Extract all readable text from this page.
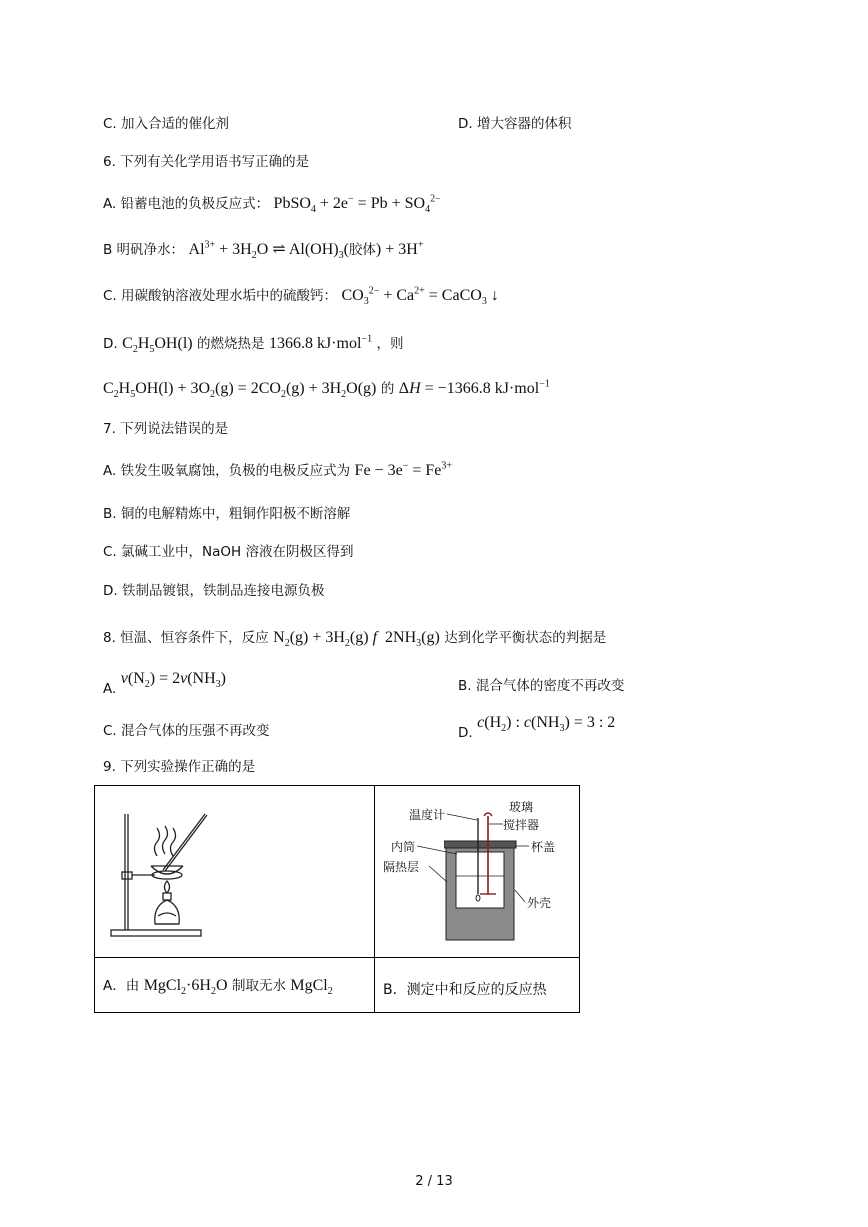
C. 加入合适的催化剂	D. 增大容器的体积
6. 下列有关化学用语书写正确的是
A. 铅蓄电池的负极反应式： PbSO$_4$ + $2e^- = Pb + SO_4^{2-}$
B 明矾净水： $Al^{3+} + 3H_2O$ ⇌ $Al(OH)_3$(胶体) + 3H+
C. 用碳酸钠溶液处理水垢中的硫酸钙： $CO_3^{2-} + Ca^{2+}$ = CaCO$_3$ ↓
D. $C_2H_5OH(l)$ 的燃烧热是 1366.8 kJ·mol$^{-1}$ ，则
$C_2H_5OH(l) + 3O_2(g) = 2CO_2(g) + 3H_2O(g)$ 的 ΔH = −1366.8 kJ·mol$^{-1}$
7. 下列说法错误的是
A. 铁发生吸氧腐蚀，负极的电极反应式为 $Fe - 3e^- = Fe^{3+}$
B. 铜的电解精炼中，粗铜作阳极不断溶解
C. 氯碱工业中，NaOH 溶液在阴极区得到
D. 铁制品镀银，铁制品连接电源负极
8. 恒温、恒容条件下，反应 $N_2(g) + 3H_2(g)$ f  $2NH_3(g)$ 达到化学平衡状态的判据是
A. $v(N_2) = 2v(NH_3)$	B. 混合气体的密度不再改变
C. 混合气体的压强不再改变	D. $c(H_2)$ : $c(NH_3) = 3$ : 2
9. 下列实验操作正确的是
温度计
玻璃
搅拌器
内筒
隔热层
杯盖
外壳
A．由 $MgCl_2\cdot 6H_2O$ 制取无水 MgCl$_2$	B．测定中和反应的反应热
2 / 13
